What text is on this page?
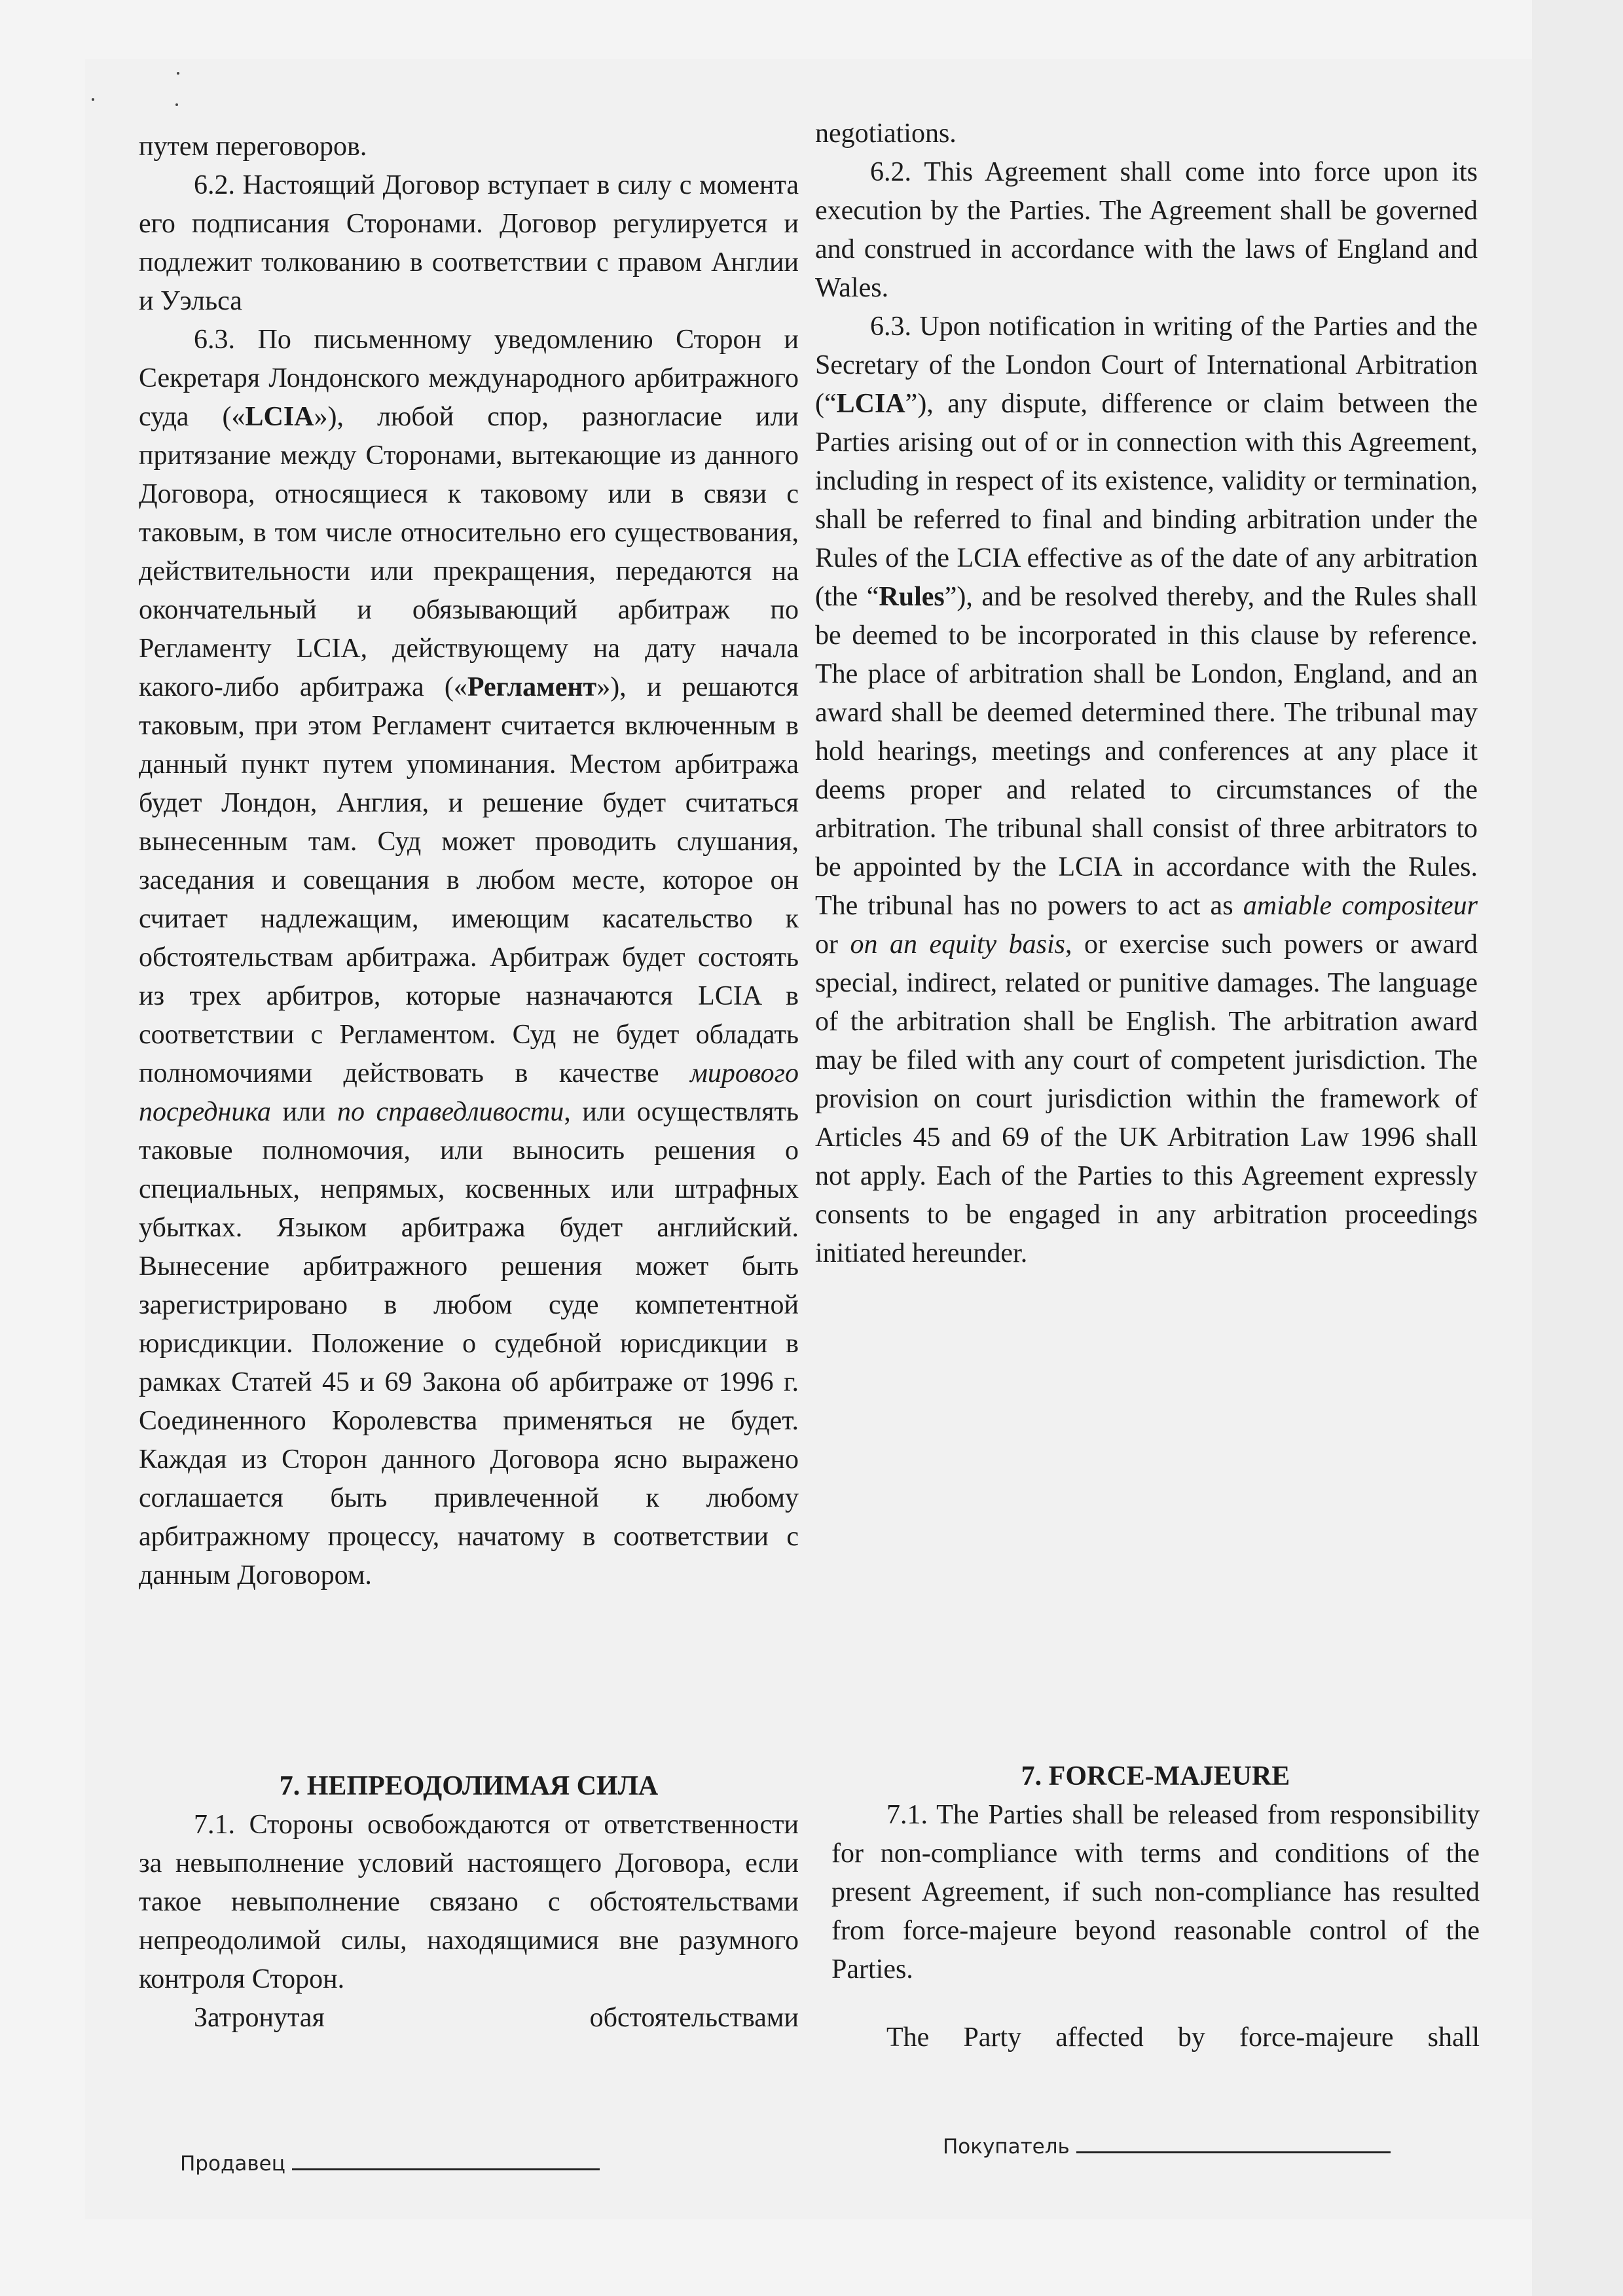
путем переговоров.

6.2. Настоящий Договор вступает в силу с момента его подписания Сторонами. Договор регулируется и подлежит толкованию в соответствии с правом Англии и Уэльса

6.3. По письменному уведомлению Сторон и Секретаря Лондонского международного арбитражного суда («LCIA»), любой спор, разногласие или притязание между Сторонами, вытекающие из данного Договора, относящиеся к таковому или в связи с таковым, в том числе относительно его существования, действительности или прекращения, передаются на окончательный и обязывающий арбитраж по Регламенту LCIA, действующему на дату начала какого-либо арбитража («Регламент»), и решаются таковым, при этом Регламент считается включенным в данный пункт путем упоминания. Местом арбитража будет Лондон, Англия, и решение будет считаться вынесенным там. Суд может проводить слушания, заседания и совещания в любом месте, которое он считает надлежащим, имеющим касательство к обстоятельствам арбитража. Арбитраж будет состоять из трех арбитров, которые назначаются LCIA в соответствии с Регламентом. Суд не будет обладать полномочиями действовать в качестве мирового посредника или по справедливости, или осуществлять таковые полномочия, или выносить решения о специальных, непрямых, косвенных или штрафных убытках. Языком арбитража будет английский. Вынесение арбитражного решения может быть зарегистрировано в любом суде компетентной юрисдикции. Положение о судебной юрисдикции в рамках Статей 45 и 69 Закона об арбитраже от 1996 г. Соединенного Королевства применяться не будет. Каждая из Сторон данного Договора ясно выражено соглашается быть привлеченной к любому арбитражному процессу, начатому в соответствии с данным Договором.

negotiations.

6.2. This Agreement shall come into force upon its execution by the Parties. The Agreement shall be governed and construed in accordance with the laws of England and Wales.

6.3. Upon notification in writing of the Parties and the Secretary of the London Court of International Arbitration (“LCIA”), any dispute, difference or claim between the Parties arising out of or in connection with this Agreement, including in respect of its existence, validity or termination, shall be referred to final and binding arbitration under the Rules of the LCIA effective as of the date of any arbitration (the “Rules”), and be resolved thereby, and the Rules shall be deemed to be incorporated in this clause by reference. The place of arbitration shall be London, England, and an award shall be deemed determined there. The tribunal may hold hearings, meetings and conferences at any place it deems proper and related to circumstances of the arbitration. The tribunal shall consist of three arbitrators to be appointed by the LCIA in accordance with the Rules. The tribunal has no powers to act as amiable compositeur or on an equity basis, or exercise such powers or award special, indirect, related or punitive damages. The language of the arbitration shall be English. The arbitration award may be filed with any court of competent jurisdiction. The provision on court jurisdiction within the framework of Articles 45 and 69 of the UK Arbitration Law 1996 shall not apply. Each of the Parties to this Agreement expressly consents to be engaged in any arbitration proceedings initiated hereunder.

7. НЕПРЕОДОЛИМАЯ СИЛА

7.1. Стороны освобождаются от ответственности за невыполнение условий настоящего Договора, если такое невыполнение связано с обстоятельствами непреодолимой силы, находящимися вне разумного контроля Сторон.

Затронутая обстоятельствами

7. FORCE-MAJEURE

7.1. The Parties shall be released from responsibility for non-compliance with terms and conditions of the present Agreement, if such non-compliance has resulted from force-majeure beyond reasonable control of the Parties.

The Party affected by force-majeure shall

Продавец
Покупатель
